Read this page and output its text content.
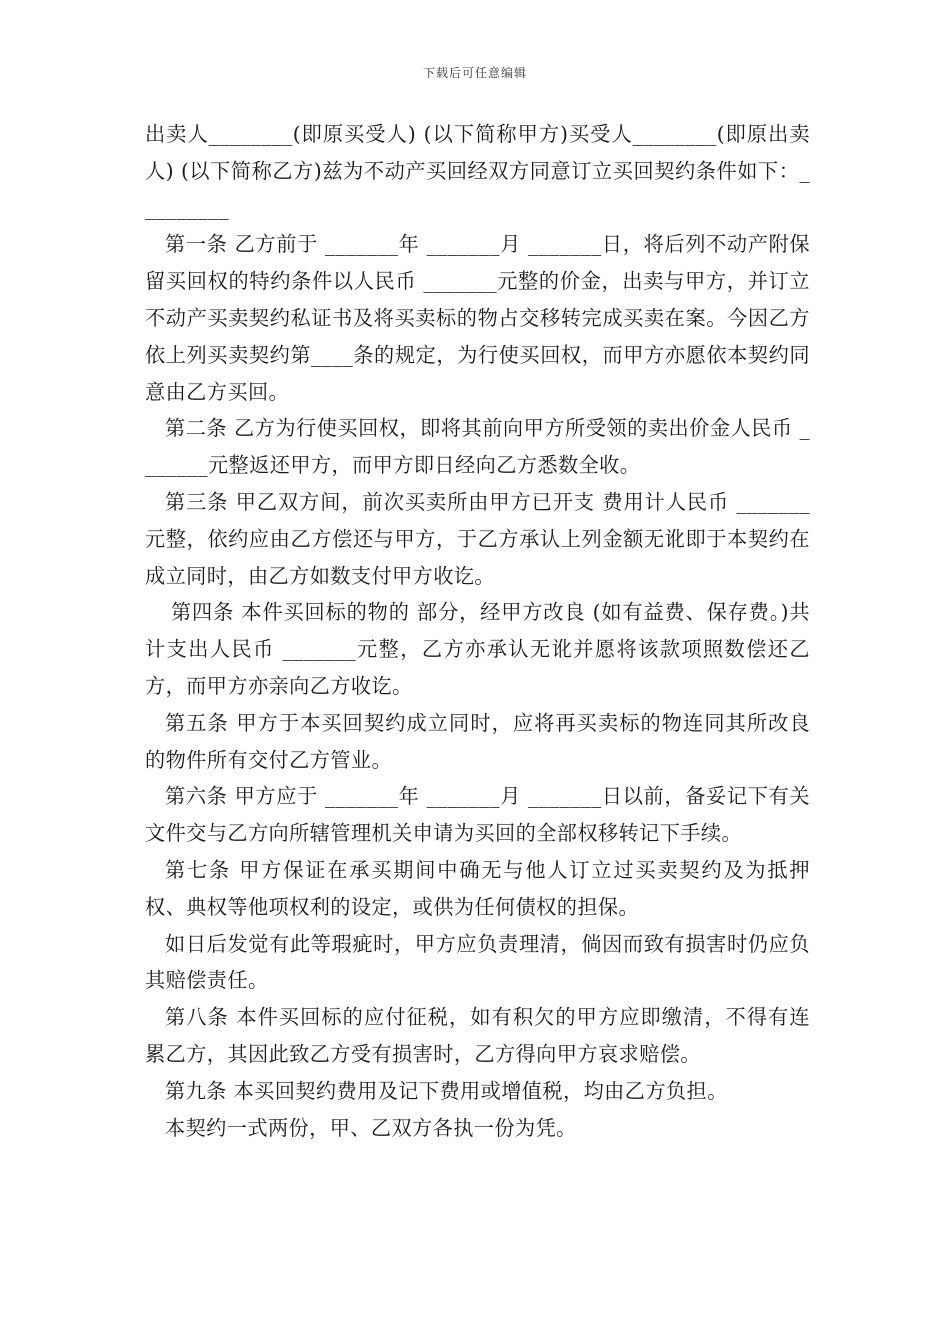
下载后可任意编辑

出卖人________(即原买受人) (以下简称甲方)买受人________(即原出卖人) (以下简称乙方)兹为不动产买回经双方同意订立买回契约条件如下：_________

第一条 乙方前于 _______年 _______月 _______日，将后列不动产附保留买回权的特约条件以人民币 _______元整的价金，出卖与甲方，并订立不动产买卖契约私证书及将买卖标的物占交移转完成买卖在案。今因乙方依上列买卖契约第____条的规定，为行使买回权，而甲方亦愿依本契约同意由乙方买回。

第二条 乙方为行使买回权，即将其前向甲方所受领的卖出价金人民币 _______元整返还甲方，而甲方即日经向乙方悉数全收。

第三条 甲乙双方间，前次买卖所由甲方已开支 费用计人民币 _______元整，依约应由乙方偿还与甲方，于乙方承认上列金额无讹即于本契约在成立同时，由乙方如数支付甲方收讫。

第四条 本件买回标的物的 部分，经甲方改良 (如有益费、保存费。)共计支出人民币 _______元整，乙方亦承认无讹并愿将该款项照数偿还乙方，而甲方亦亲向乙方收讫。

第五条 甲方于本买回契约成立同时，应将再买卖标的物连同其所改良的物件所有交付乙方管业。

第六条 甲方应于 _______年 _______月 _______日以前，备妥记下有关文件交与乙方向所辖管理机关申请为买回的全部权移转记下手续。

第七条 甲方保证在承买期间中确无与他人订立过买卖契约及为抵押权、典权等他项权利的设定，或供为任何债权的担保。

如日后发觉有此等瑕疵时，甲方应负责理清，倘因而致有损害时仍应负其赔偿责任。

第八条 本件买回标的应付征税，如有积欠的甲方应即缴清，不得有连累乙方，其因此致乙方受有损害时，乙方得向甲方哀求赔偿。

第九条 本买回契约费用及记下费用或增值税，均由乙方负担。

本契约一式两份，甲、乙双方各执一份为凭。
